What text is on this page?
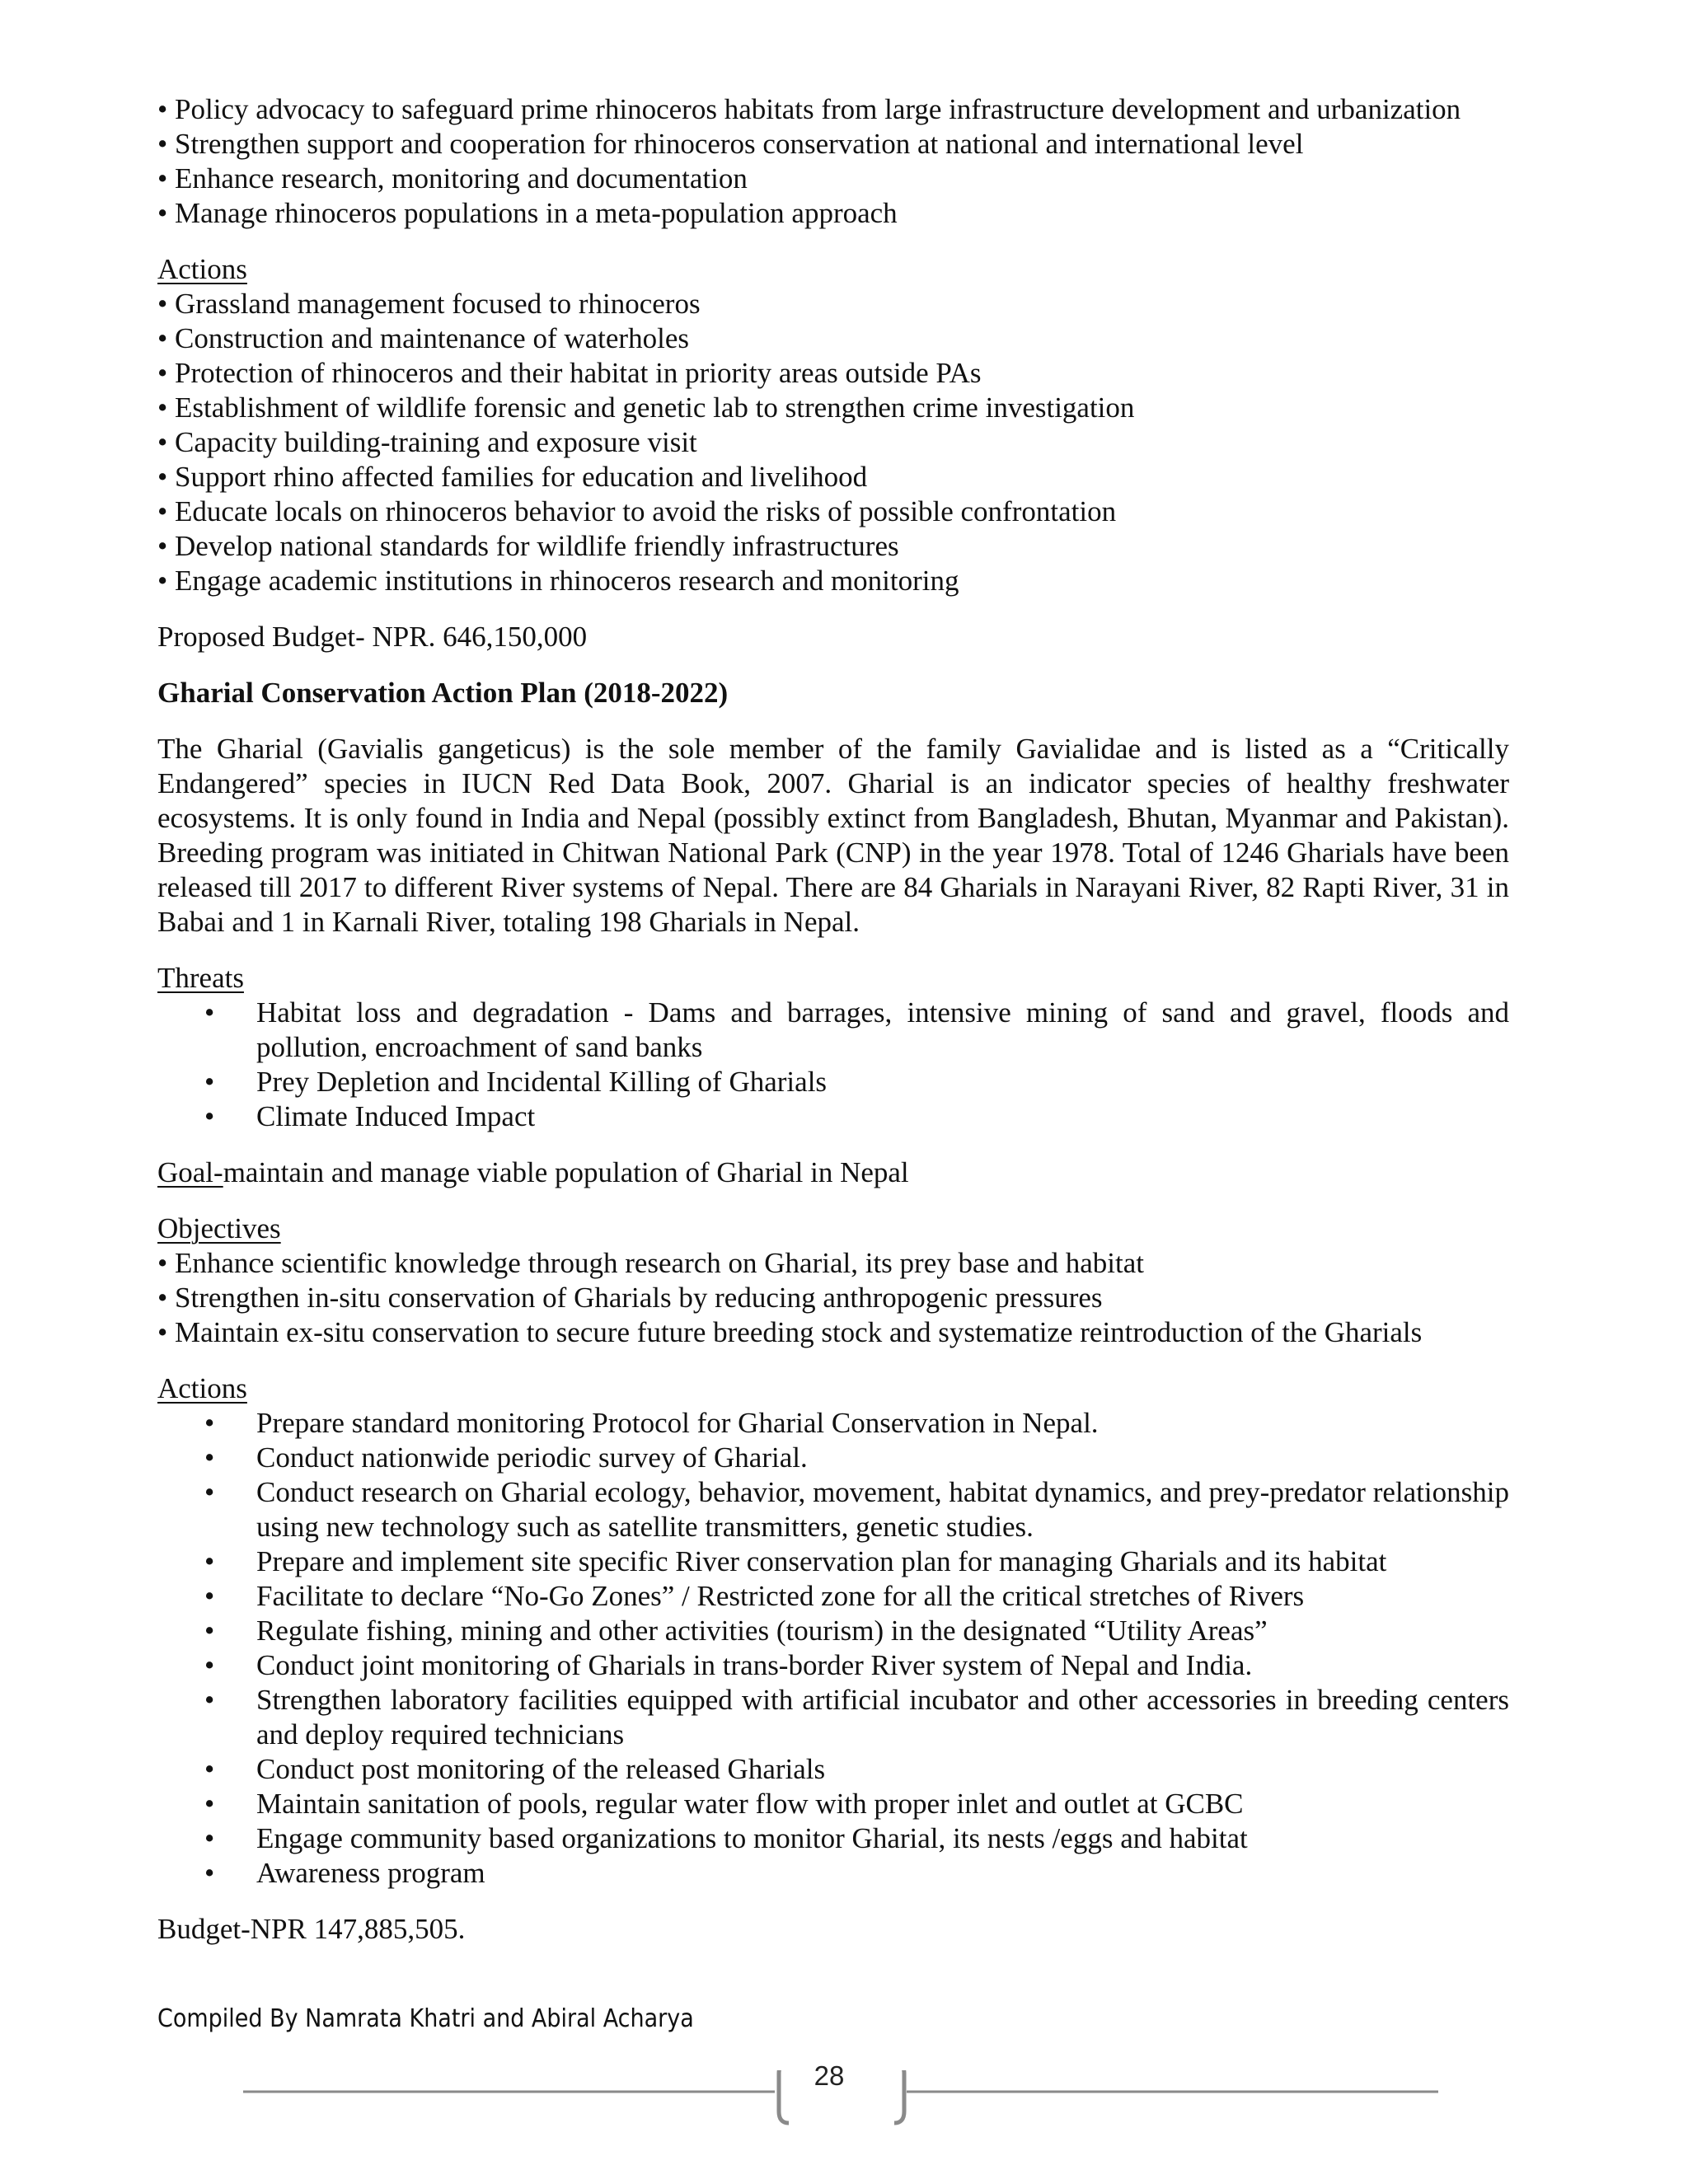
• Policy advocacy to safeguard prime rhinoceros habitats from large infrastructure development and urbanization
• Strengthen support and cooperation for rhinoceros conservation at national and international level
• Enhance research, monitoring and documentation
• Manage rhinoceros populations in a meta-population approach
Actions
• Grassland management focused to rhinoceros
• Construction and maintenance of waterholes
• Protection of rhinoceros and their habitat in priority areas outside PAs
• Establishment of wildlife forensic and genetic lab to strengthen crime investigation
• Capacity building-training and exposure visit
• Support rhino affected families for education and livelihood
• Educate locals on rhinoceros behavior to avoid the risks of possible confrontation
• Develop national standards for wildlife friendly infrastructures
• Engage academic institutions in rhinoceros research and monitoring
Proposed Budget- NPR. 646,150,000
Gharial Conservation Action Plan (2018-2022)
The Gharial (Gavialis gangeticus) is the sole member of the family Gavialidae and is listed as a “Critically Endangered” species in IUCN Red Data Book, 2007. Gharial is an indicator species of healthy freshwater ecosystems. It is only found in India and Nepal (possibly extinct from Bangladesh, Bhutan, Myanmar and Pakistan). Breeding program was initiated in Chitwan National Park (CNP) in the year 1978. Total of 1246 Gharials have been released till 2017 to different River systems of Nepal. There are 84 Gharials in Narayani River, 82 Rapti River, 31 in Babai and 1 in Karnali River, totaling 198 Gharials in Nepal.
Threats
• Habitat loss and degradation - Dams and barrages, intensive mining of sand and gravel, floods and pollution, encroachment of sand banks
• Prey Depletion and Incidental Killing of Gharials
• Climate Induced Impact
Goal-maintain and manage viable population of Gharial in Nepal
Objectives
• Enhance scientific knowledge through research on Gharial, its prey base and habitat
• Strengthen in-situ conservation of Gharials by reducing anthropogenic pressures
• Maintain ex-situ conservation to secure future breeding stock and systematize reintroduction of the Gharials
Actions
• Prepare standard monitoring Protocol for Gharial Conservation in Nepal.
• Conduct nationwide periodic survey of Gharial.
• Conduct research on Gharial ecology, behavior, movement, habitat dynamics, and prey-predator relationship using new technology such as satellite transmitters, genetic studies.
• Prepare and implement site specific River conservation plan for managing Gharials and its habitat
• Facilitate to declare “No-Go Zones” / Restricted zone for all the critical stretches of Rivers
• Regulate fishing, mining and other activities (tourism) in the designated “Utility Areas”
• Conduct joint monitoring of Gharials in trans-border River system of Nepal and India.
• Strengthen laboratory facilities equipped with artificial incubator and other accessories in breeding centers and deploy required technicians
• Conduct post monitoring of the released Gharials
• Maintain sanitation of pools, regular water flow with proper inlet and outlet at GCBC
• Engage community based organizations to monitor Gharial, its nests /eggs and habitat
• Awareness program
Budget-NPR 147,885,505.
Compiled By Namrata Khatri and Abiral Acharya
28
